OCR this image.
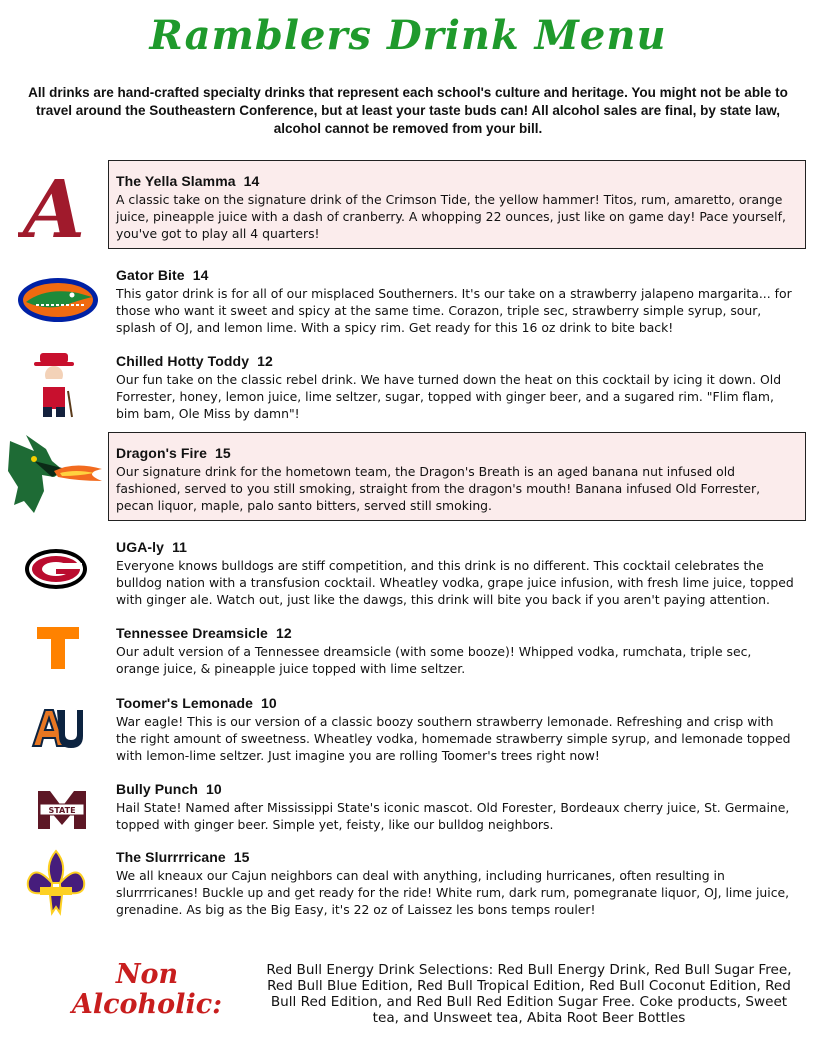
Ramblers Drink Menu
All drinks are hand-crafted specialty drinks that represent each school's culture and heritage. You might not be able to travel around the Southeastern Conference, but at least your taste buds can! All alcohol sales are final, by state law, alcohol cannot be removed from your bill.
A The Yella Slamma 14
A classic take on the signature drink of the Crimson Tide, the yellow hammer! Titos, rum, amaretto, orange juice, pineapple juice with a dash of cranberry. A whopping 22 ounces, just like on game day! Pace yourself, you've got to play all 4 quarters!
Gator Bite 14
This gator drink is for all of our misplaced Southerners. It's our take on a strawberry jalapeno margarita... for those who want it sweet and spicy at the same time. Corazon, triple sec, strawberry simple syrup, sour, splash of OJ, and lemon lime. With a spicy rim. Get ready for this 16 oz drink to bite back!
Chilled Hotty Toddy 12
Our fun take on the classic rebel drink. We have turned down the heat on this cocktail by icing it down. Old Forrester, honey, lemon juice, lime seltzer, sugar, topped with ginger beer, and a sugared rim. "Flim flam, bim bam, Ole Miss by damn"!
Dragon's Fire 15
Our signature drink for the hometown team, the Dragon's Breath is an aged banana nut infused old fashioned, served to you still smoking, straight from the dragon's mouth! Banana infused Old Forrester, pecan liquor, maple, palo santo bitters, served still smoking.
UGA-ly 11
Everyone knows bulldogs are stiff competition, and this drink is no different. This cocktail celebrates the bulldog nation with a transfusion cocktail. Wheatley vodka, grape juice infusion, with fresh lime juice, topped with ginger ale. Watch out, just like the dawgs, this drink will bite you back if you aren't paying attention.
Tennessee Dreamsicle 12
Our adult version of a Tennessee dreamsicle (with some booze)! Whipped vodka, rumchata, triple sec, orange juice, & pineapple juice topped with lime seltzer.
Toomer's Lemonade 10
War eagle! This is our version of a classic boozy southern strawberry lemonade. Refreshing and crisp with the right amount of sweetness. Wheatley vodka, homemade strawberry simple syrup, and lemonade topped with lemon-lime seltzer. Just imagine you are rolling Toomer's trees right now!
STATE
Bully Punch 10
Hail State! Named after Mississippi State's iconic mascot. Old Forester, Bordeaux cherry juice, St. Germaine, topped with ginger beer. Simple yet, feisty, like our bulldog neighbors.
The Slurrrricane 15
We all kneaux our Cajun neighbors can deal with anything, including hurricanes, often resulting in slurrrricanes! Buckle up and get ready for the ride! White rum, dark rum, pomegranate liquor, OJ, lime juice, grenadine. As big as the Big Easy, it's 22 oz of Laissez les bons temps rouler!
Non
Alcoholic:
Red Bull Energy Drink Selections: Red Bull Energy Drink, Red Bull Sugar Free, Red Bull Blue Edition, Red Bull Tropical Edition, Red Bull Coconut Edition, Red Bull Red Edition, and Red Bull Red Edition Sugar Free. Coke products, Sweet tea, and Unsweet tea, Abita Root Beer Bottles
